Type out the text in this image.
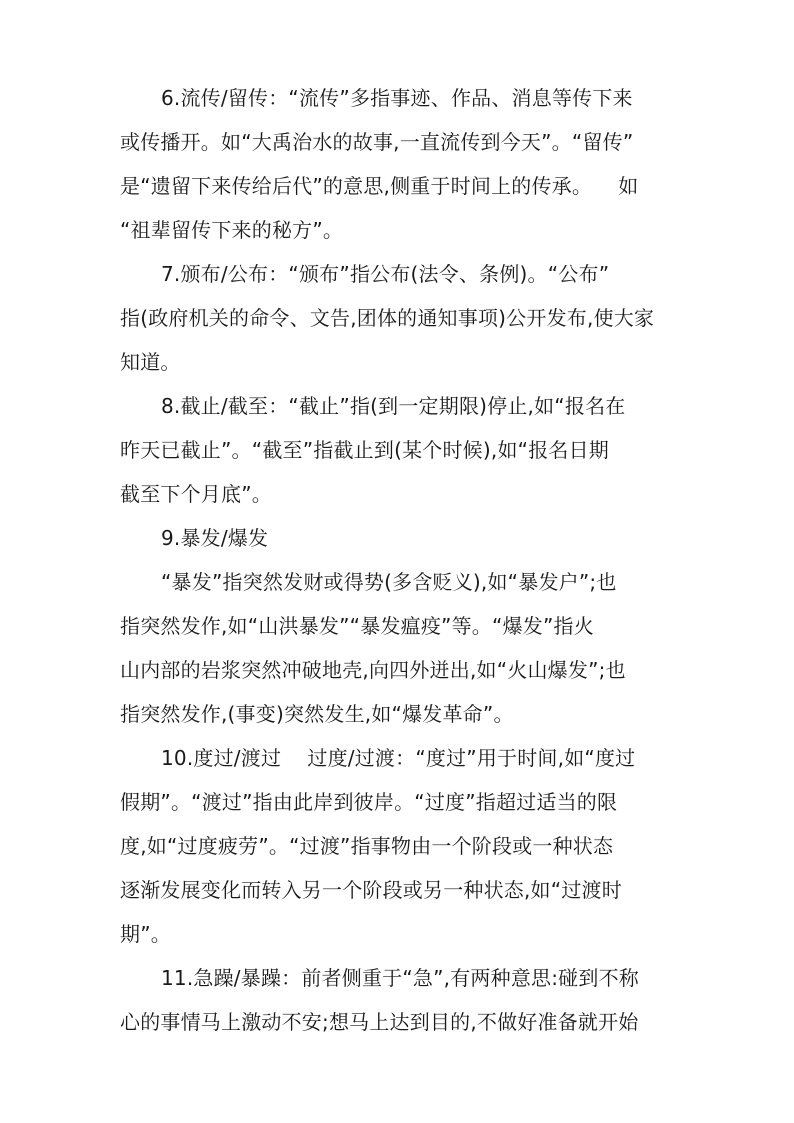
6.流传/留传：“流传”多指事迹、作品、消息等传下来
或传播开。如“大禹治水的故事,一直流传到今天”。“留传”
是“遗留下来传给后代”的意思,侧重于时间上的传承。    如
“祖辈留传下来的秘方”。
7.颁布/公布：“颁布”指公布(法令、条例)。“公布”
指(政府机关的命令、文告,团体的通知事项)公开发布,使大家
知道。
8.截止/截至：“截止”指(到一定期限)停止,如“报名在
昨天已截止”。“截至”指截止到(某个时候),如“报名日期
截至下个月底”。
9.暴发/爆发
“暴发”指突然发财或得势(多含贬义),如“暴发户”;也
指突然发作,如“山洪暴发”“暴发瘟疫”等。“爆发”指火
山内部的岩浆突然冲破地壳,向四外迸出,如“火山爆发”;也
指突然发作,(事变)突然发生,如“爆发革命”。
10.度过/渡过    过度/过渡：“度过”用于时间,如“度过
假期”。“渡过”指由此岸到彼岸。“过度”指超过适当的限
度,如“过度疲劳”。“过渡”指事物由一个阶段或一种状态
逐渐发展变化而转入另一个阶段或另一种状态,如“过渡时
期”。
11.急躁/暴躁：前者侧重于“急”,有两种意思:碰到不称
心的事情马上激动不安;想马上达到目的,不做好准备就开始
